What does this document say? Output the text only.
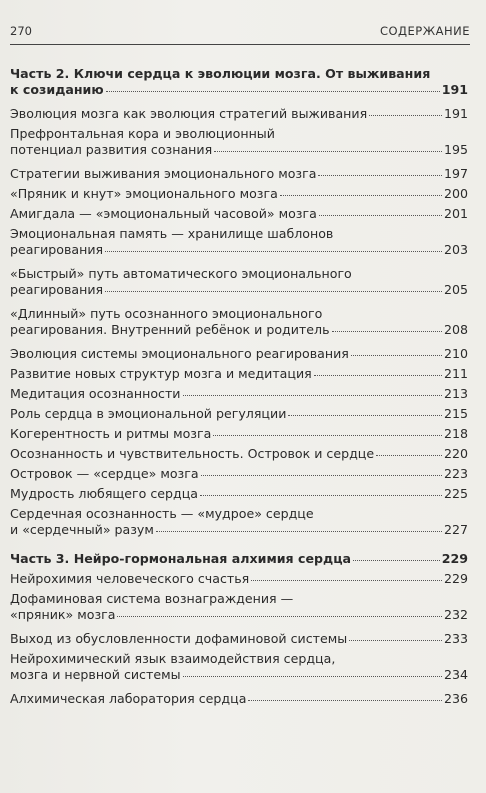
270	СОДЕРЖАНИЕ
Часть 2. Ключи сердца к эволюции мозга. От выживания
к созиданию	191
Эволюция мозга как эволюция стратегий выживания	191
Префронтальная кора и эволюционный
потенциал развития сознания	195
Стратегии выживания эмоционального мозга	197
«Пряник и кнут» эмоционального мозга	200
Амигдала — «эмоциональный часовой» мозга	201
Эмоциональная память — хранилище шаблонов
реагирования	203
«Быстрый» путь автоматического эмоционального
реагирования	205
«Длинный» путь осознанного эмоционального
реагирования. Внутренний ребёнок и родитель	208
Эволюция системы эмоционального реагирования	210
Развитие новых структур мозга и медитация	211
Медитация осознанности	213
Роль сердца в эмоциональной регуляции	215
Когерентность и ритмы мозга	218
Осознанность и чувствительность. Островок и сердце	220
Островок — «сердце» мозга	223
Мудрость любящего сердца	225
Сердечная осознанность — «мудрое» сердце
и «сердечный» разум	227
Часть 3. Нейро-гормональная алхимия сердца	229
Нейрохимия человеческого счастья	229
Дофаминовая система вознаграждения —
«пряник» мозга	232
Выход из обусловленности дофаминовой системы	233
Нейрохимический язык взаимодействия сердца,
мозга и нервной системы	234
Алхимическая лаборатория сердца	236
